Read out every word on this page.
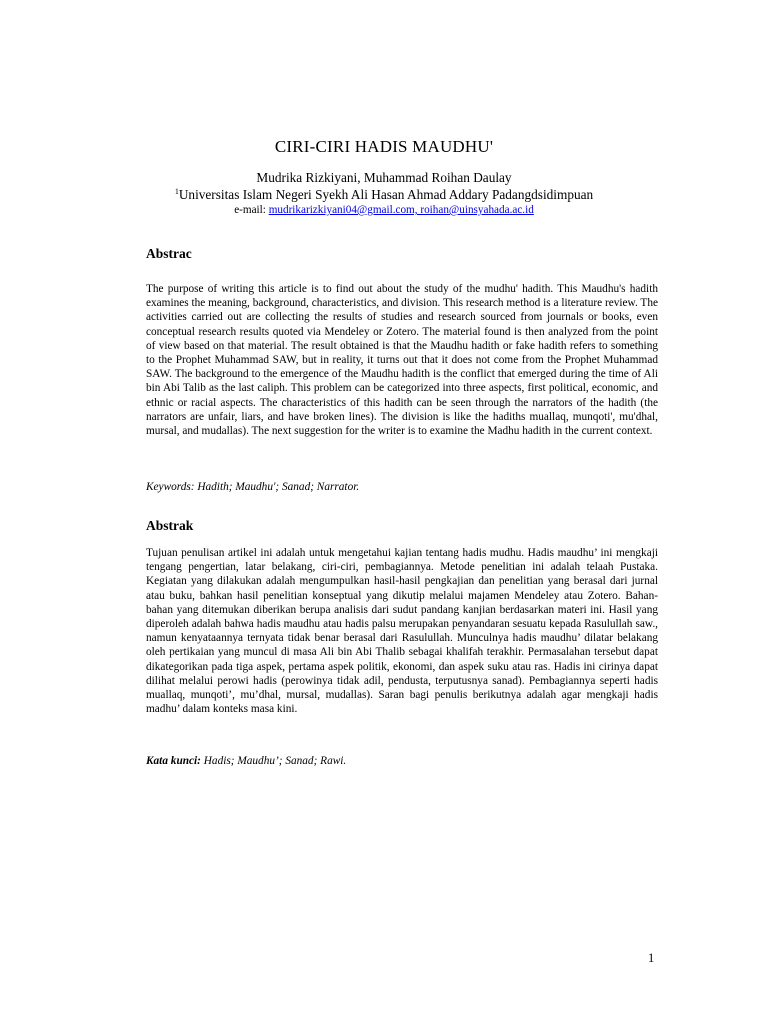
CIRI-CIRI HADIS MAUDHU'
Mudrika Rizkiyani, Muhammad Roihan Daulay
$^1$Universitas Islam Negeri Syekh Ali Hasan Ahmad Addary Padangdsidimpuan
e-mail: mudrikarizkiyani04@gmail.com, roihan@uinsyahada.ac.id
Abstrac

The purpose of writing this article is to find out about the study of the mudhu' hadith. This Maudhu's hadith examines the meaning, background, characteristics, and division. This research method is a literature review. The activities carried out are collecting the results of studies and research sourced from journals or books, even conceptual research results quoted via Mendeley or Zotero. The material found is then analyzed from the point of view based on that material. The result obtained is that the Maudhu hadith or fake hadith refers to something to the Prophet Muhammad SAW, but in reality, it turns out that it does not come from the Prophet Muhammad SAW. The background to the emergence of the Maudhu hadith is the conflict that emerged during the time of Ali bin Abi Talib as the last caliph. This problem can be categorized into three aspects, first political, economic, and ethnic or racial aspects. The characteristics of this hadith can be seen through the narrators of the hadith (the narrators are unfair, liars, and have broken lines). The division is like the hadiths muallaq, munqoti', mu'dhal, mursal, and mudallas). The next suggestion for the writer is to examine the Madhu hadith in the current context.

Keywords: Hadith; Maudhu'; Sanad; Narrator.
Abstrak

Tujuan penulisan artikel ini adalah untuk mengetahui kajian tentang hadis mudhu. Hadis maudhu’ ini mengkaji tengang pengertian, latar belakang, ciri-ciri, pembagiannya. Metode penelitian ini adalah telaah Pustaka. Kegiatan yang dilakukan adalah mengumpulkan hasil-hasil pengkajian dan penelitian yang berasal dari jurnal atau buku, bahkan hasil penelitian konseptual yang dikutip melalui majamen Mendeley atau Zotero. Bahan-bahan yang ditemukan diberikan berupa analisis dari sudut pandang kanjian berdasarkan materi ini. Hasil yang diperoleh adalah bahwa hadis maudhu atau hadis palsu merupakan penyandaran sesuatu kepada Rasulullah saw., namun kenyataannya ternyata tidak benar berasal dari Rasulullah. Munculnya hadis maudhu’ dilatar belakang oleh pertikaian yang muncul di masa Ali bin Abi Thalib sebagai khalifah terakhir. Permasalahan tersebut dapat dikategorikan pada tiga aspek, pertama aspek politik, ekonomi, dan aspek suku atau ras. Hadis ini cirinya dapat dilihat melalui perowi hadis (perowinya tidak adil, pendusta, terputusnya sanad). Pembagiannya seperti hadis muallaq, munqoti’, mu’dhal, mursal, mudallas). Saran bagi penulis berikutnya adalah agar mengkaji hadis madhu’ dalam konteks masa kini.

Kata kunci: Hadis; Maudhu’; Sanad; Rawi.
1
